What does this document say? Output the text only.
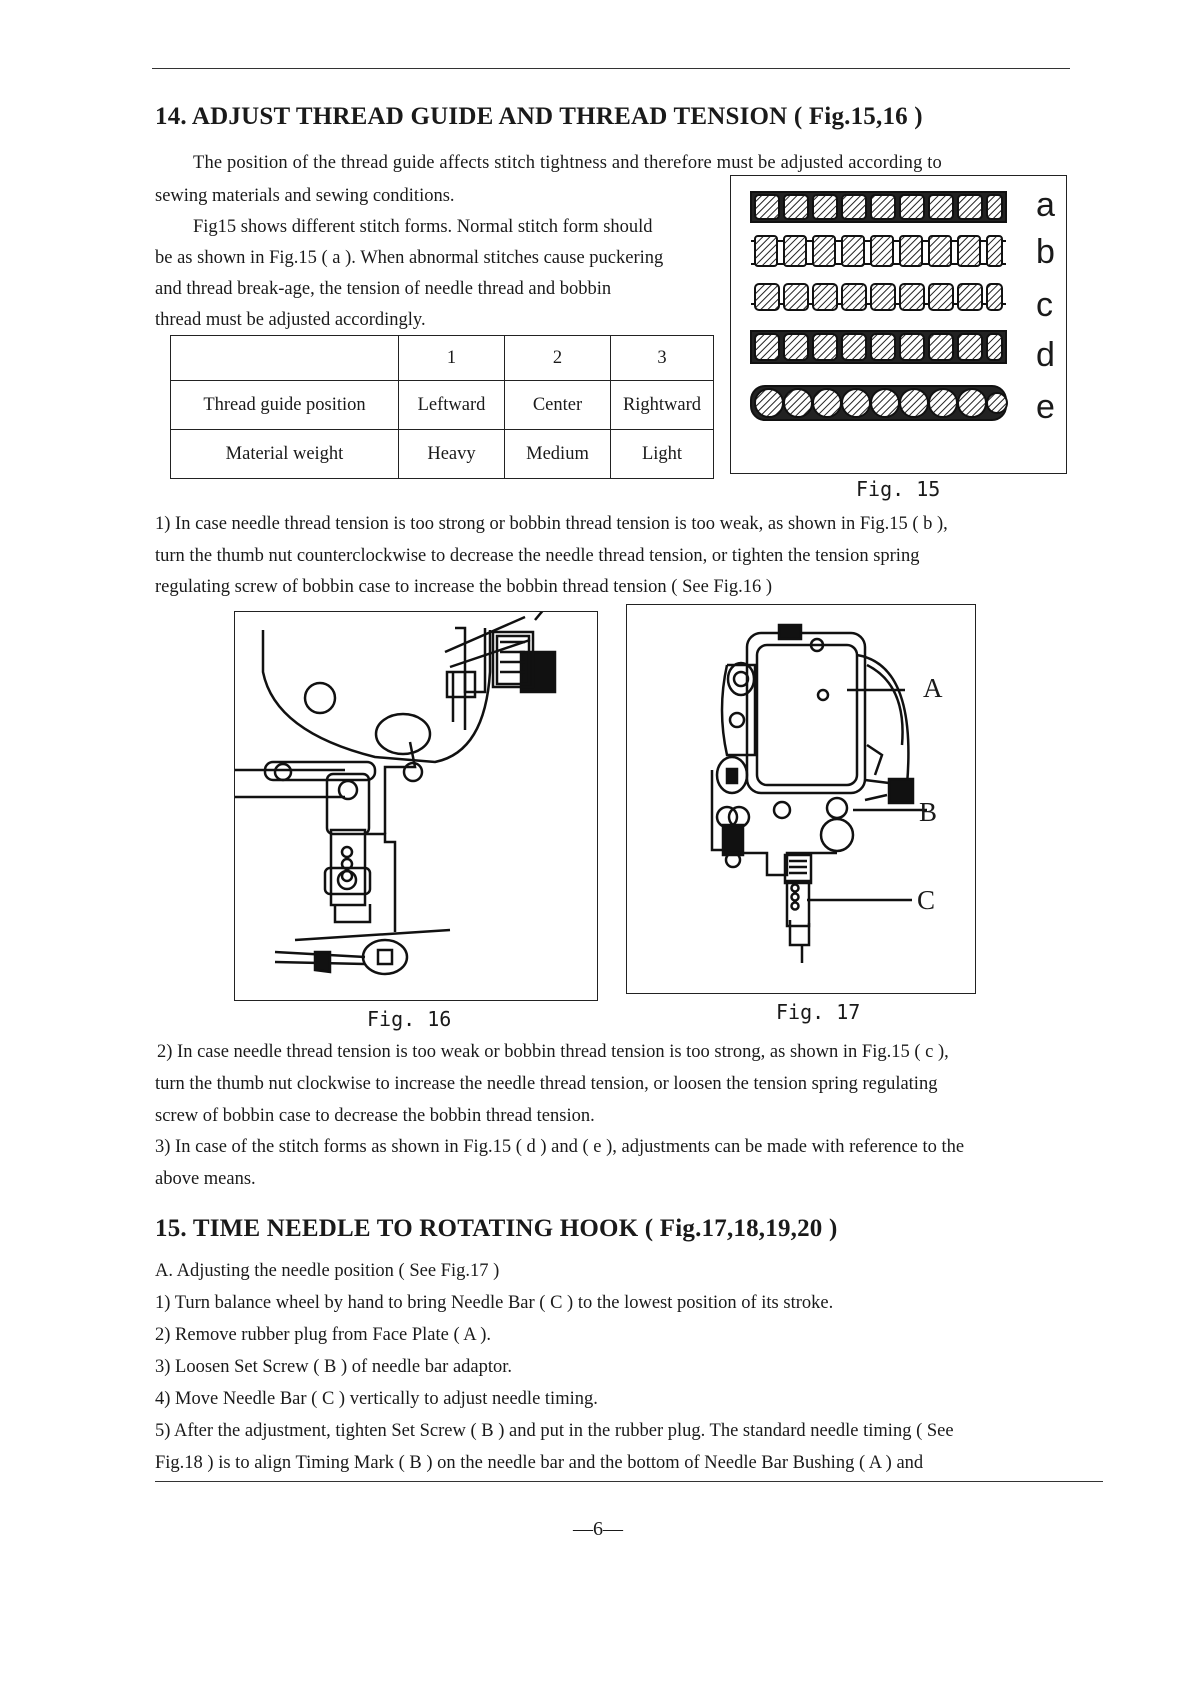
14. ADJUST THREAD GUIDE AND THREAD TENSION ( Fig.15,16 )
The position of the thread guide affects stitch tightness and therefore must be adjusted according to
sewing materials and sewing conditions.
Fig15 shows different stitch forms. Normal stitch form should
be as shown in Fig.15 ( a ). When abnormal stitches cause puckering
and thread break-age, the tension of needle thread and bobbin
thread must be adjusted accordingly.
	1	2	3
Thread guide position	Leftward	Center	Rightward
Material weight	Heavy	Medium	Light
a
b
c
d
e
Fig. 15
1) In case needle thread tension is too strong or bobbin thread tension is too weak, as shown in Fig.15 ( b ),
turn the thumb nut counterclockwise to decrease the needle thread tension, or tighten the tension spring
regulating screw of bobbin case to increase the bobbin thread tension ( See Fig.16 )
Fig. 16
A
B
C
Fig. 17
2) In case needle thread tension is too weak or bobbin thread tension is too strong, as shown in Fig.15 ( c ),
turn the thumb nut clockwise to increase the needle thread tension, or loosen the tension spring regulating
screw of bobbin case to decrease the bobbin thread tension.
3) In case of the stitch forms as shown in Fig.15 ( d ) and ( e ), adjustments can be made with reference to the
above means.
15. TIME NEEDLE TO ROTATING HOOK ( Fig.17,18,19,20 )
A. Adjusting the needle position ( See Fig.17 )
1) Turn balance wheel by hand to bring Needle Bar ( C ) to the lowest position of its stroke.
2) Remove rubber plug from Face Plate ( A ).
3) Loosen Set Screw ( B ) of needle bar adaptor.
4) Move Needle Bar ( C ) vertically to adjust needle timing.
5) After the adjustment, tighten Set Screw ( B ) and put in the rubber plug. The standard needle timing ( See
Fig.18 ) is to align Timing Mark ( B ) on the needle bar and the bottom of Needle Bar Bushing ( A ) and
—6—
